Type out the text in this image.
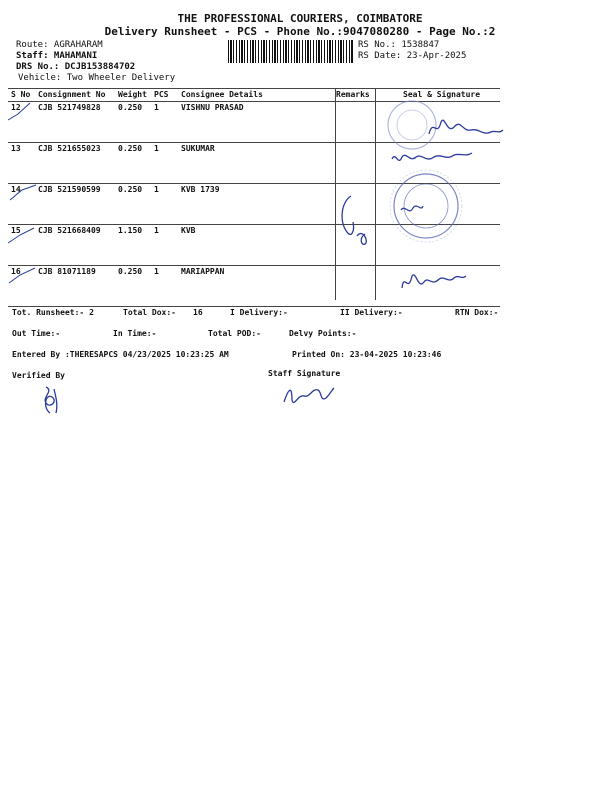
THE PROFESSIONAL COURIERS, COIMBATORE
Delivery Runsheet - PCS - Phone No.:9047080280 - Page No.:2
Route: AGRAHARAM
Staff: MAHAMANI
DRS No.: DCJB153884702
Vehicle: Two Wheeler Delivery
RS No.: 1538847
RS Date: 23-Apr-2025
S No	Consignment No	Weight	PCS	Consignee Details	Remarks	Seal & Signature
12	CJB 521749828	0.250	1	VISHNU PRASAD		
13	CJB 521655023	0.250	1	SUKUMAR		
14	CJB 521590599	0.250	1	KVB 1739		
15	CJB 521668409	1.150	1	KVB		
16	CJB 81071189	0.250	1	MARIAPPAN		
Tot. Runsheet:- 2	Total Dox:- 16	I Delivery:-	II Delivery:-	RTN Dox:-
Out Time:-	In Time:-	Total POD:-	Delvy Points:-
Entered By :THERESAPCS 04/23/2025 10:23:25 AM	Printed On: 23-04-2025 10:23:46
Verified By	Staff Signature
